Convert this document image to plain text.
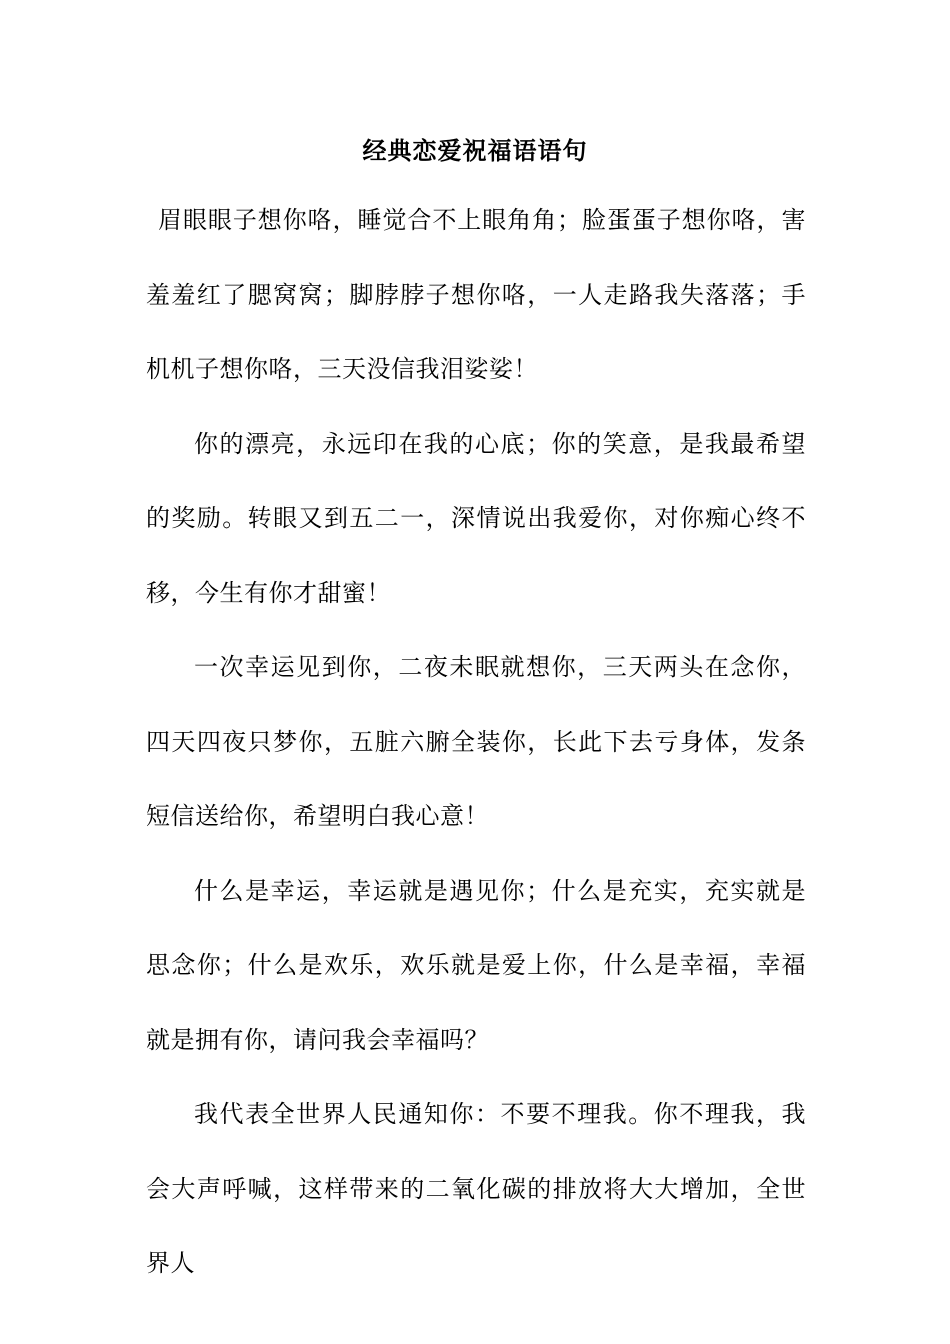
经典恋爱祝福语语句

眉眼眼子想你咯，睡觉合不上眼角角；脸蛋蛋子想你咯，害羞羞红了腮窝窝；脚脖脖子想你咯，一人走路我失落落；手机机子想你咯，三天没信我泪娑娑！

你的漂亮，永远印在我的心底；你的笑意，是我最希望的奖励。转眼又到五二一，深情说出我爱你，对你痴心终不移，今生有你才甜蜜！

一次幸运见到你，二夜未眠就想你，三天两头在念你，四天四夜只梦你，五脏六腑全装你，长此下去亏身体，发条短信送给你，希望明白我心意！

什么是幸运，幸运就是遇见你；什么是充实，充实就是思念你；什么是欢乐，欢乐就是爱上你，什么是幸福，幸福就是拥有你，请问我会幸福吗？

我代表全世界人民通知你：不要不理我。你不理我，我会大声呼喊，这样带来的二氧化碳的排放将大大增加，全世界人
